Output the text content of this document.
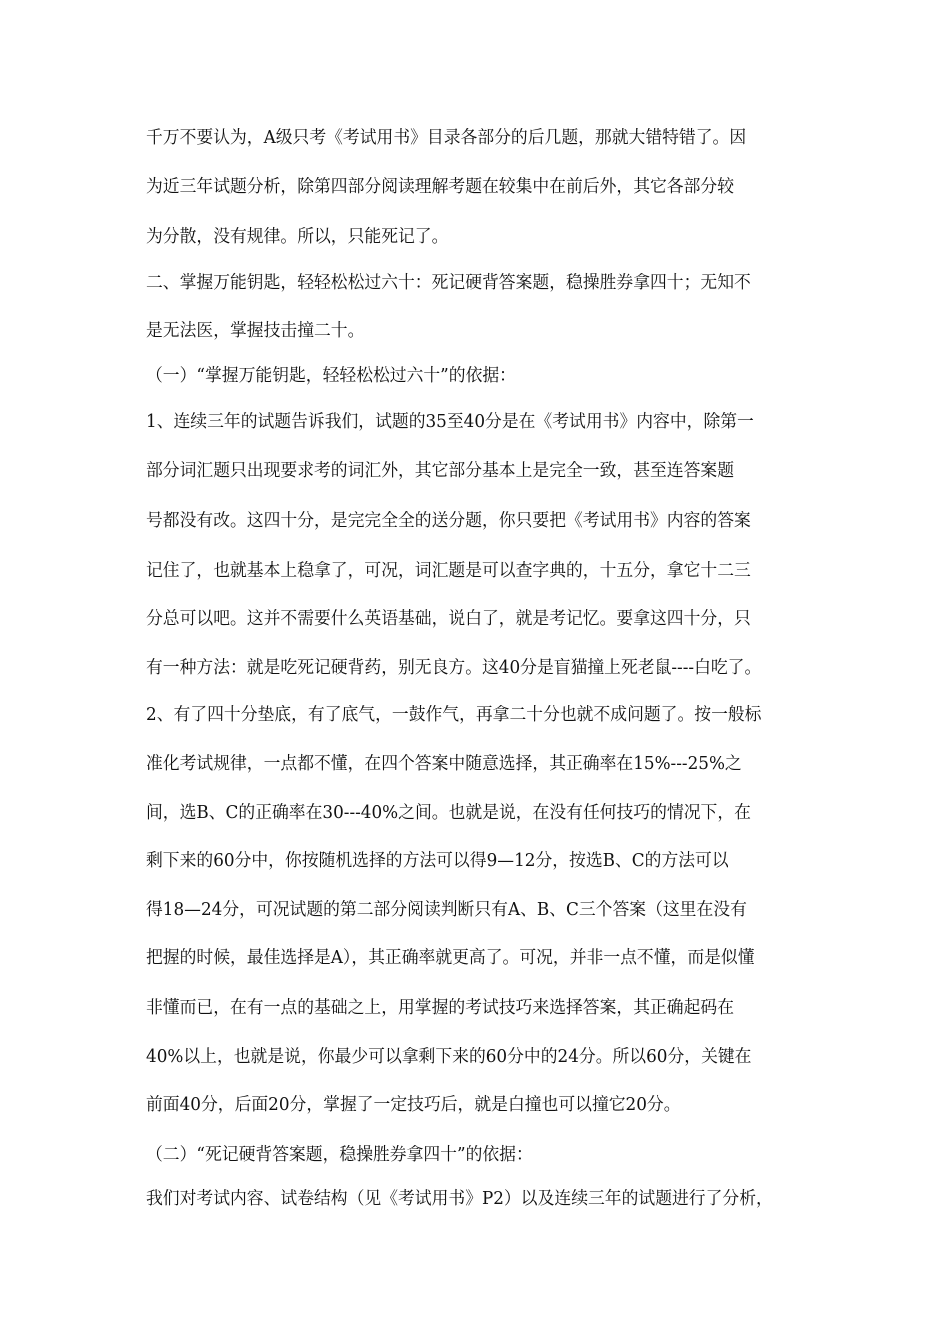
千万不要认为，A级只考《考试用书》目录各部分的后几题，那就大错特错了。因
为近三年试题分析，除第四部分阅读理解考题在较集中在前后外，其它各部分较
为分散，没有规律。所以，只能死记了。
二、掌握万能钥匙，轻轻松松过六十：死记硬背答案题，稳操胜券拿四十；无知不
是无法医，掌握技击撞二十。
（一）“掌握万能钥匙，轻轻松松过六十”的依据：
1、连续三年的试题告诉我们，试题的35至40分是在《考试用书》内容中，除第一
部分词汇题只出现要求考的词汇外，其它部分基本上是完全一致，甚至连答案题
号都没有改。这四十分，是完完全全的送分题，你只要把《考试用书》内容的答案
记住了，也就基本上稳拿了，可况，词汇题是可以查字典的，十五分，拿它十二三
分总可以吧。这并不需要什么英语基础，说白了，就是考记忆。要拿这四十分，只
有一种方法：就是吃死记硬背药，别无良方。这40分是盲猫撞上死老鼠----白吃了。
2、有了四十分垫底，有了底气，一鼓作气，再拿二十分也就不成问题了。按一般标
准化考试规律，一点都不懂，在四个答案中随意选择，其正确率在15%---25%之
间，选B、C的正确率在30---40%之间。也就是说，在没有任何技巧的情况下，在
剩下来的60分中，你按随机选择的方法可以得9—12分，按选B、C的方法可以
得18—24分，可况试题的第二部分阅读判断只有A、B、C三个答案（这里在没有
把握的时候，最佳选择是A），其正确率就更高了。可况，并非一点不懂，而是似懂
非懂而已，在有一点的基础之上，用掌握的考试技巧来选择答案，其正确起码在
40%以上，也就是说，你最少可以拿剩下来的60分中的24分。所以60分，关键在
前面40分，后面20分，掌握了一定技巧后，就是白撞也可以撞它20分。
（二）“死记硬背答案题，稳操胜券拿四十”的依据：
我们对考试内容、试卷结构（见《考试用书》P2）以及连续三年的试题进行了分析，
